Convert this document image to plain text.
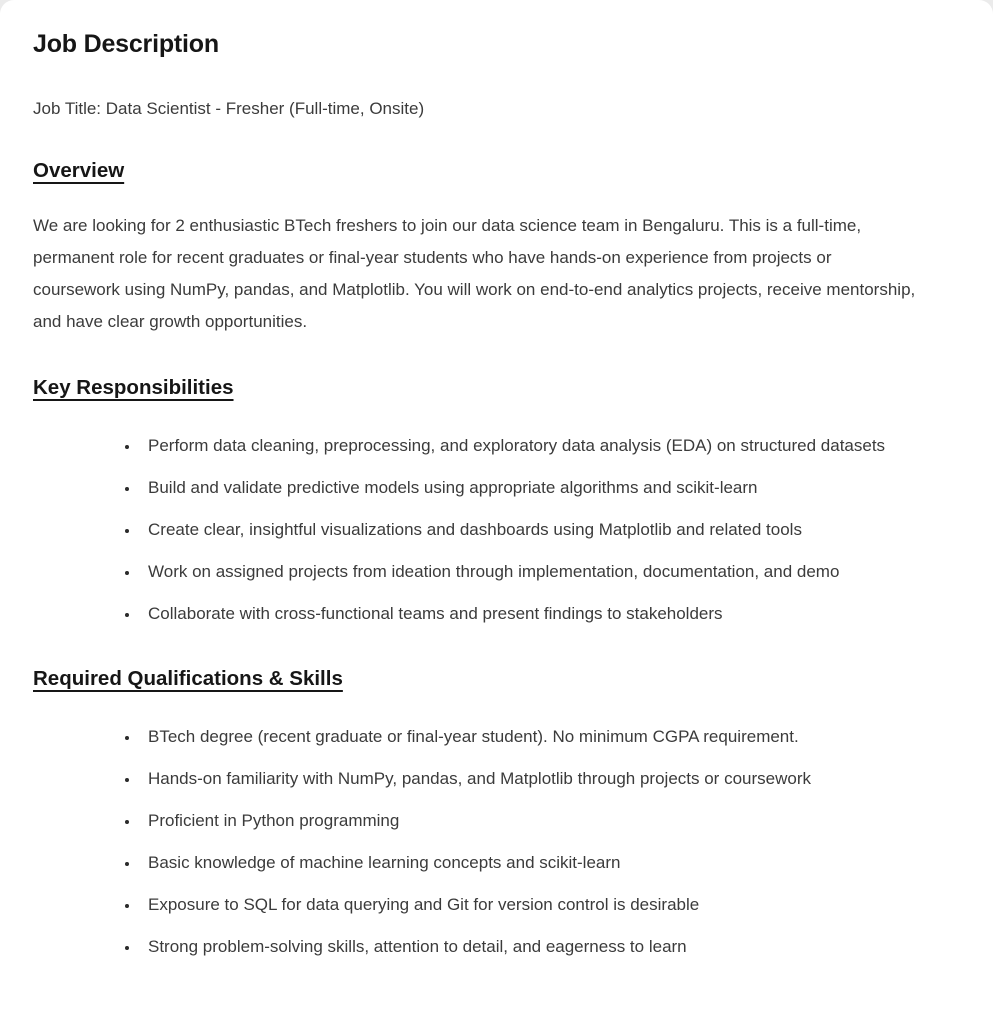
Job Description

Job Title: Data Scientist - Fresher (Full-time, Onsite)

Overview

We are looking for 2 enthusiastic BTech freshers to join our data science team in Bengaluru. This is a full-time, permanent role for recent graduates or final-year students who have hands-on experience from projects or coursework using NumPy, pandas, and Matplotlib. You will work on end-to-end analytics projects, receive mentorship, and have clear growth opportunities.

Key Responsibilities
• Perform data cleaning, preprocessing, and exploratory data analysis (EDA) on structured datasets
• Build and validate predictive models using appropriate algorithms and scikit-learn
• Create clear, insightful visualizations and dashboards using Matplotlib and related tools
• Work on assigned projects from ideation through implementation, documentation, and demo
• Collaborate with cross-functional teams and present findings to stakeholders
Required Qualifications & Skills
• BTech degree (recent graduate or final-year student). No minimum CGPA requirement.
• Hands-on familiarity with NumPy, pandas, and Matplotlib through projects or coursework
• Proficient in Python programming
• Basic knowledge of machine learning concepts and scikit-learn
• Exposure to SQL for data querying and Git for version control is desirable
• Strong problem-solving skills, attention to detail, and eagerness to learn
